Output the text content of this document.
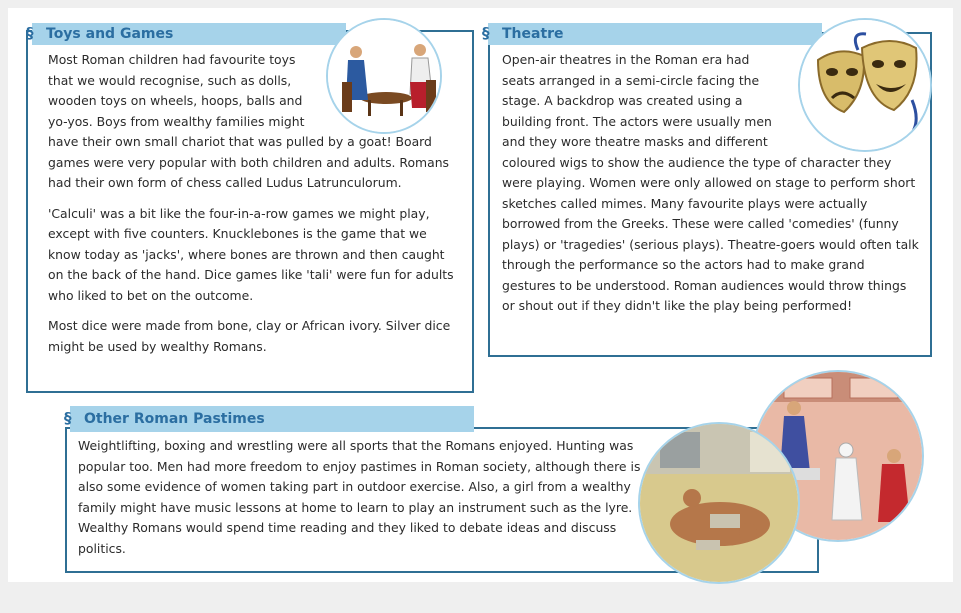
§ Toys and Games

Most Roman children had favourite toys that we would recognise, such as dolls, wooden toys on wheels, hoops, balls and yo-yos. Boys from wealthy families might have their own small chariot that was pulled by a goat! Board games were very popular with both children and adults. Romans had their own form of chess called Ludus Latrunculorum.

'Calculi' was a bit like the four-in-a-row games we might play, except with five counters. Knucklebones is the game that we know today as 'jacks', where bones are thrown and then caught on the back of the hand. Dice games like 'tali' were fun for adults who liked to bet on the outcome.

Most dice were made from bone, clay or African ivory. Silver dice might be used by wealthy Romans.

§ Theatre

Open-air theatres in the Roman era had seats arranged in a semi-circle facing the stage. A backdrop was created using a building front. The actors were usually men and they wore theatre masks and different coloured wigs to show the audience the type of character they were playing. Women were only allowed on stage to perform short sketches called mimes. Many favourite plays were actually borrowed from the Greeks. These were called 'comedies' (funny plays) or 'tragedies' (serious plays). Theatre-goers would often talk through the performance so the actors had to make grand gestures to be understood. Roman audiences would throw things or shout out if they didn't like the play being performed!

§ Other Roman Pastimes

Weightlifting, boxing and wrestling were all sports that the Romans enjoyed. Hunting was popular too. Men had more freedom to enjoy pastimes in Roman society, although there is also some evidence of women taking part in outdoor exercise. Also, a girl from a wealthy family might have music lessons at home to learn to play an instrument such as the lyre. Wealthy Romans would spend time reading and they liked to debate ideas and discuss politics.
